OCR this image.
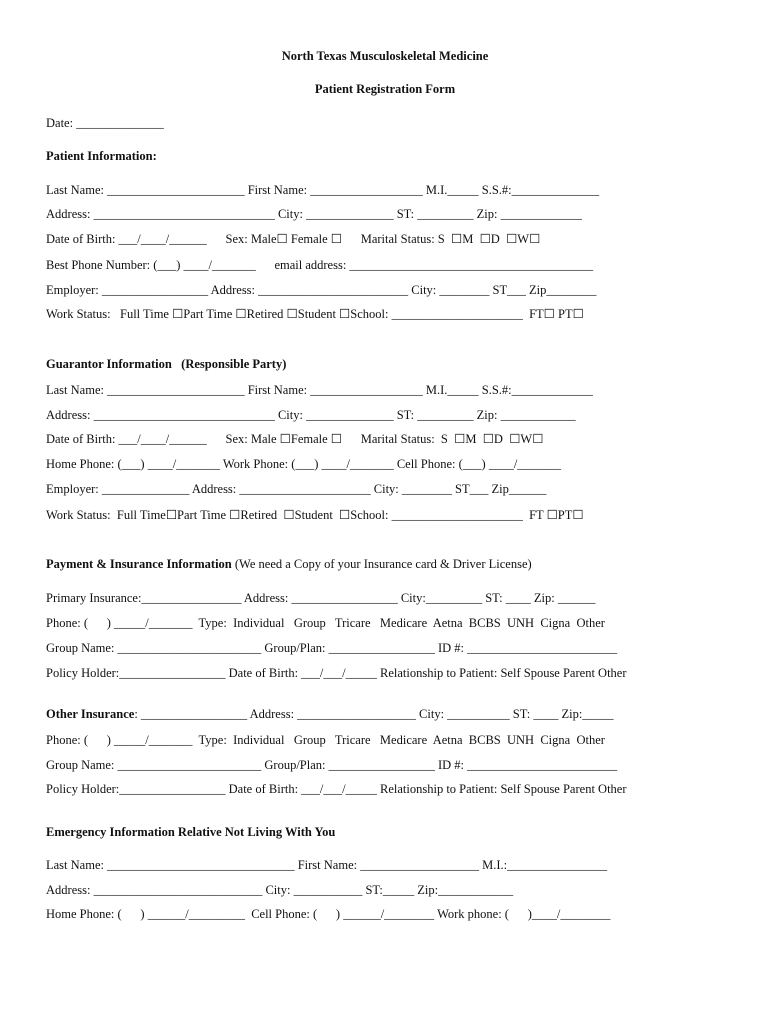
North Texas Musculoskeletal Medicine
Patient Registration Form
Date: ______________
Patient Information:
Last Name: ______________________ First Name: __________________ M.I._____ S.S.#:______________
Address: _____________________________ City: ______________ ST: _________ Zip: _____________
Date of Birth: ___/____/______      Sex: Male☐ Female ☐      Marital Status: S  ☐M  ☐D  ☐W☐
Best Phone Number: (___) ____/_______      email address: _______________________________________
Employer: _________________ Address: ________________________ City: ________ ST___ Zip________
Work Status:   Full Time ☐Part Time ☐Retired ☐Student ☐School: _____________________  FT☐ PT☐
Guarantor Information   (Responsible Party)
Last Name: ______________________ First Name: __________________ M.I._____ S.S.#:_____________
Address: _____________________________ City: ______________ ST: _________ Zip: ____________
Date of Birth: ___/____/______      Sex: Male ☐Female ☐      Marital Status:  S  ☐M  ☐D  ☐W☐
Home Phone: (___) ____/_______ Work Phone: (___) ____/_______ Cell Phone: (___) ____/_______
Employer: ______________ Address: _____________________ City: ________ ST___ Zip______
Work Status:  Full Time☐Part Time ☐Retired  ☐Student  ☐School: _____________________  FT ☐PT☐
Payment & Insurance Information (We need a Copy of your Insurance card & Driver License)
Primary Insurance:________________ Address: _________________ City:_________ ST: ____ Zip: ______
Phone: (      ) _____/_______  Type:  Individual   Group   Tricare   Medicare  Aetna  BCBS  UNH  Cigna  Other
Group Name: _______________________ Group/Plan: _________________ ID #: ________________________
Policy Holder:_________________ Date of Birth: ___/___/_____ Relationship to Patient: Self Spouse Parent Other
Other Insurance: _________________ Address: ___________________ City: __________ ST: ____ Zip:_____
Phone: (      ) _____/_______  Type:  Individual   Group   Tricare   Medicare  Aetna  BCBS  UNH  Cigna  Other
Group Name: _______________________ Group/Plan: _________________ ID #: ________________________
Policy Holder:_________________ Date of Birth: ___/___/_____ Relationship to Patient: Self Spouse Parent Other
Emergency Information Relative Not Living With You
Last Name: ______________________________ First Name: ___________________ M.I.:________________
Address: ___________________________ City: ___________ ST:_____ Zip:____________
Home Phone: (      ) ______/_________  Cell Phone: (      ) ______/________ Work phone: (      )____/________
